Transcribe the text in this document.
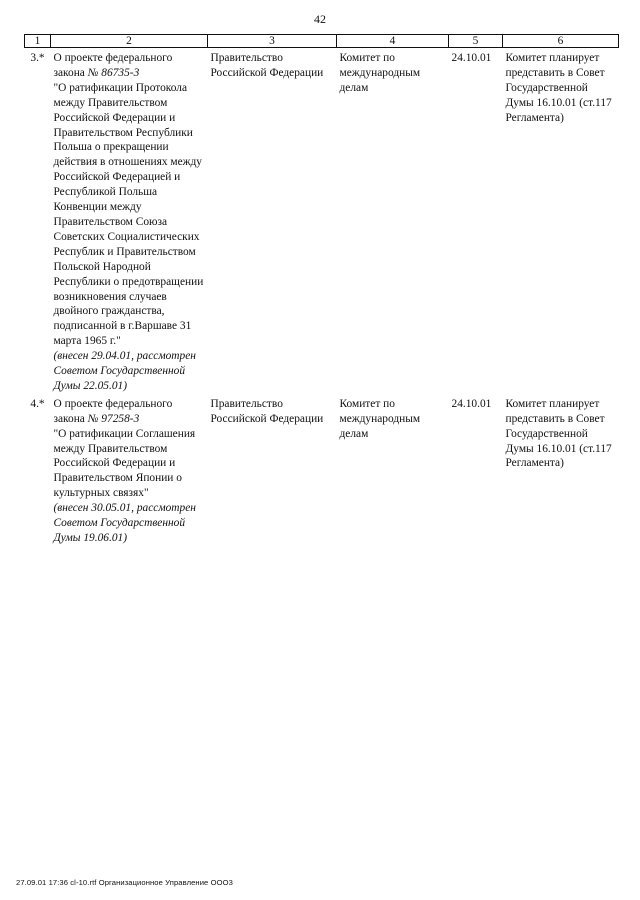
42
1	2	3	4	5	6
3.*	О проекте федерального закона № 86735-3
"О ратификации Протокола между Правительством Российской Федерации и Правительством Республики Польша о прекращении действия в отношениях между Российской Федерацией и Республикой Польша Конвенции между Правительством Союза Советских Социалистических Республик и Правительством Польской Народной Республики о предотвращении возникновения случаев двойного гражданства, подписанной в г.Варшаве 31 марта 1965 г."
(внесен 29.04.01, рассмотрен Советом Государственной Думы 22.05.01)	Правительство Российской Федерации	Комитет по международным делам	24.10.01	Комитет планирует представить в Совет Государственной Думы 16.10.01 (ст.117 Регламента)
4.*	О проекте федерального закона № 97258-3
"О ратификации Соглашения между Правительством Российской Федерации и Правительством Японии о культурных связях"
(внесен 30.05.01, рассмотрен Советом Государственной Думы 19.06.01)	Правительство Российской Федерации	Комитет по международным делам	24.10.01	Комитет планирует представить в Совет Государственной Думы 16.10.01 (ст.117 Регламента)
27.09.01 17:36 cl-10.rtf Организационное Управление ООО3
